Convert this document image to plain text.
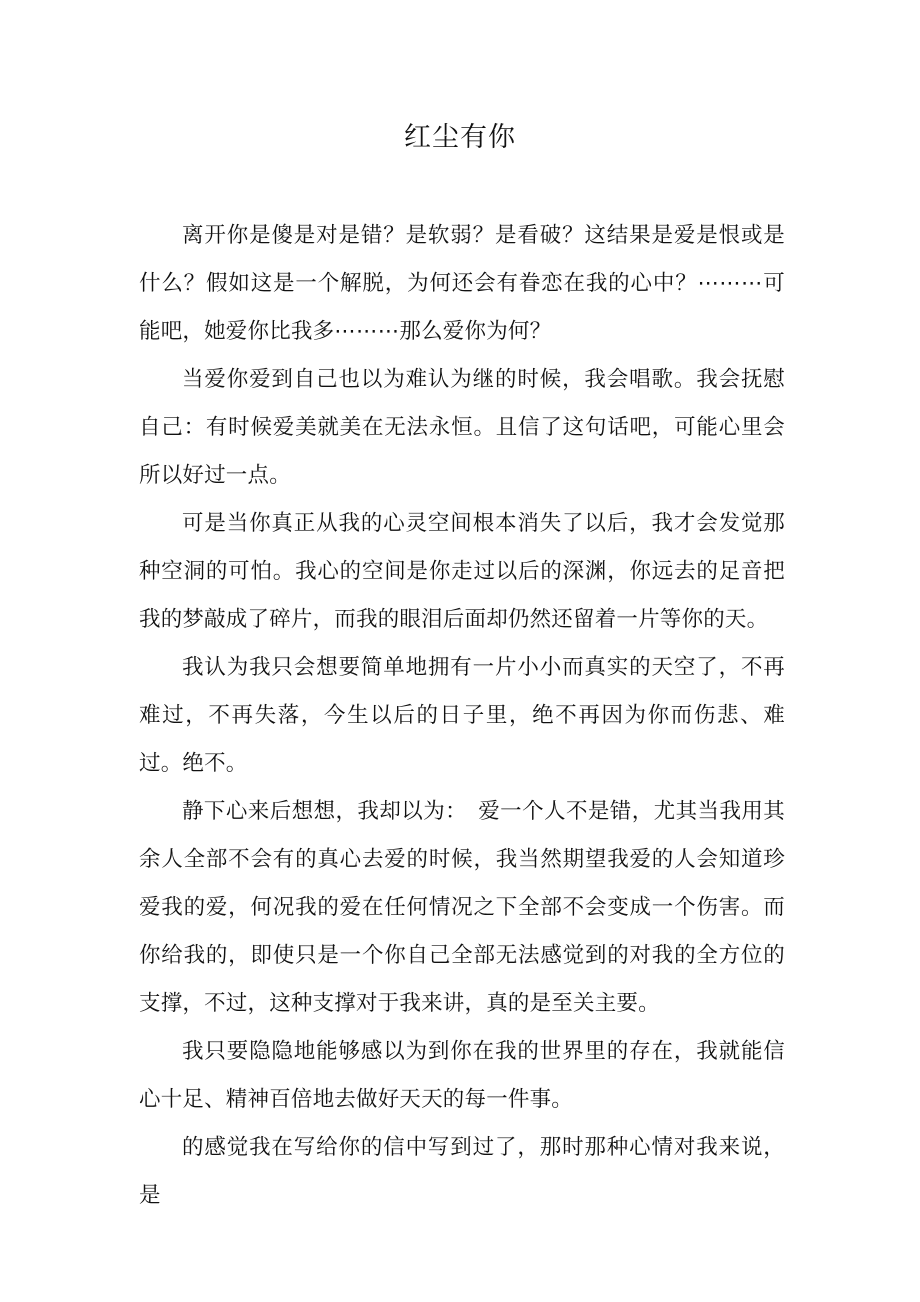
红尘有你

离开你是傻是对是错？是软弱？是看破？这结果是爱是恨或是什么？假如这是一个解脱，为何还会有眷恋在我的心中？⋯⋯⋯可能吧，她爱你比我多⋯⋯⋯那么爱你为何？

当爱你爱到自己也以为难认为继的时候，我会唱歌。我会抚慰自己：有时候爱美就美在无法永恒。且信了这句话吧，可能心里会所以好过一点。

可是当你真正从我的心灵空间根本消失了以后，我才会发觉那种空洞的可怕。我心的空间是你走过以后的深渊，你远去的足音把我的梦敲成了碎片，而我的眼泪后面却仍然还留着一片等你的天。

我认为我只会想要简单地拥有一片小小而真实的天空了，不再难过，不再失落，今生以后的日子里，绝不再因为你而伤悲、难过。绝不。

静下心来后想想，我却以为：　爱一个人不是错，尤其当我用其余人全部不会有的真心去爱的时候，我当然期望我爱的人会知道珍爱我的爱，何况我的爱在任何情况之下全部不会变成一个伤害。而你给我的，即使只是一个你自己全部无法感觉到的对我的全方位的支撑，不过，这种支撑对于我来讲，真的是至关主要。

我只要隐隐地能够感以为到你在我的世界里的存在，我就能信心十足、精神百倍地去做好天天的每一件事。

的感觉我在写给你的信中写到过了，那时那种心情对我来说，是
